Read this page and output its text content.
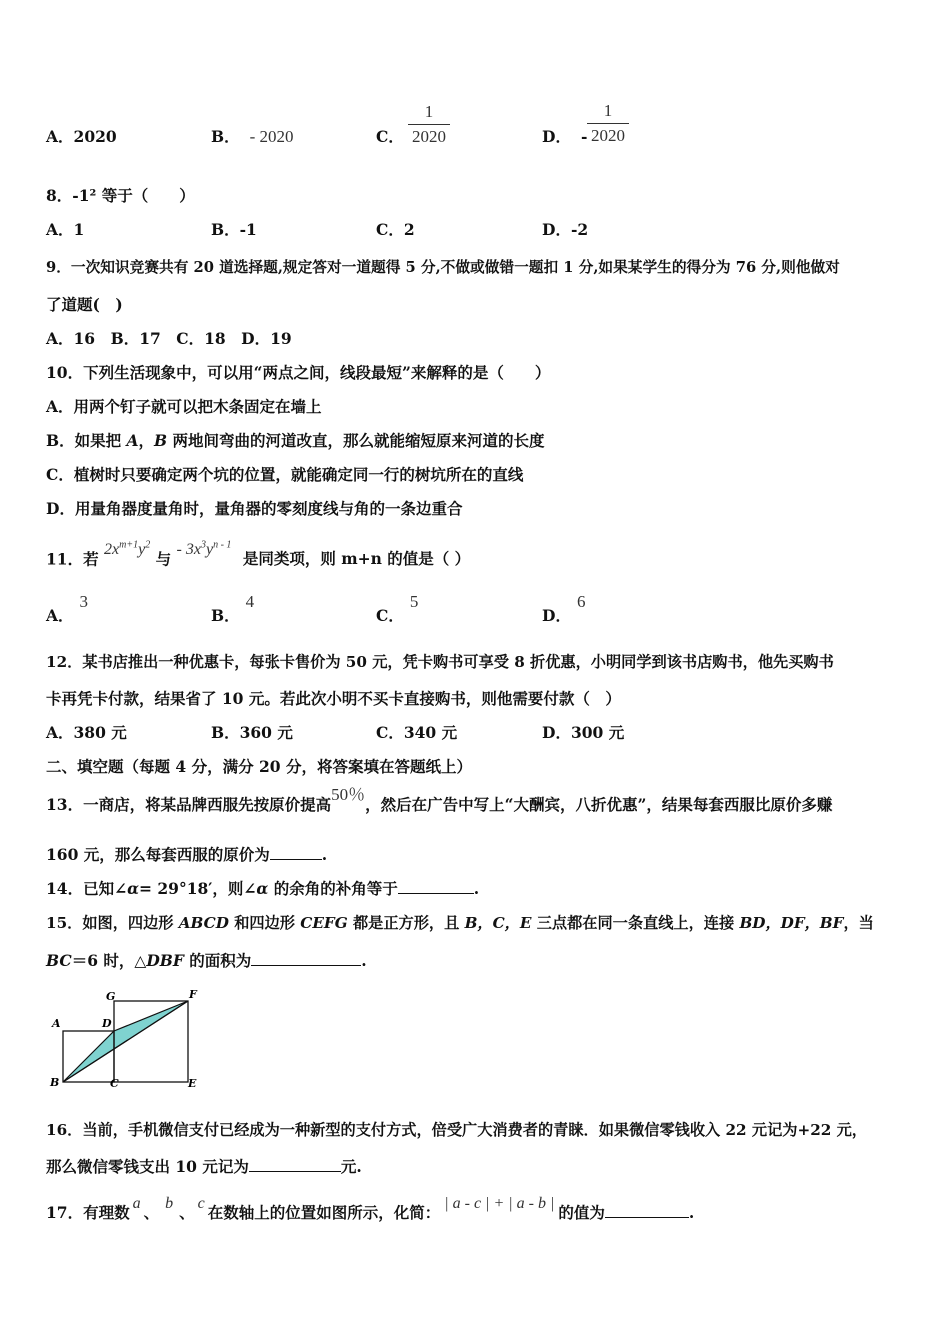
A．2020	B． - 2020	C．
1
2020	D． -
1
2020
8．-1² 等于（　　）
A．1	B．-1	C．2	D．-2
9．一次知识竞赛共有 20 道选择题,规定答对一道题得 5 分,不做或做错一题扣 1 分,如果某学生的得分为 76 分,则他做对
了道题(　)
A．16　B．17　C．18　D．19
10．下列生活现象中，可以用“两点之间，线段最短”来解释的是（　　）
A．用两个钉子就可以把木条固定在墙上
B．如果把 A，B 两地间弯曲的河道改直，那么就能缩短原来河道的长度
C．植树时只要确定两个坑的位置，就能确定同一行的树坑所在的直线
D．用量角器度量角时，量角器的零刻度线与角的一条边重合
11．若 $2x^{m+1}y^2$ 与 - $3x^3y^{n - 1}$ 是同类项，则 m+n 的值是（ ）
A．3
B．4
C．5
D．6
12．某书店推出一种优惠卡，每张卡售价为 50 元，凭卡购书可享受 8 折优惠，小明同学到该书店购书，他先买购书
卡再凭卡付款，结果省了 10 元。若此次小明不买卡直接购书，则他需要付款（　）
A．380 元	B．360 元	C．340 元	D．300 元
二、填空题（每题 4 分，满分 20 分，将答案填在答题纸上）
13．一商店，将某品牌西服先按原价提高50％，然后在广告中写上“大酬宾，八折优惠”，结果每套西服比原价多赚
160 元，那么每套西服的原价为	.
14．已知∠α= 29°18′，则∠α 的余角的补角等于	.
15．如图，四边形 ABCD 和四边形 CEFG 都是正方形，且 B，C，E 三点都在同一条直线上，连接 BD，DF，BF，当
BC＝6 时，△DBF 的面积为	.
A
B	C
D
E
F
G
16．当前，手机微信支付已经成为一种新型的支付方式，倍受广大消费者的青睐．如果微信零钱收入 22 元记为+22 元，
那么微信零钱支出 10 元记为	元.
17．有理数 a 、 b 、 c 在数轴上的位置如图所示，化简： | a - c | + | a - b | 的值为	.
